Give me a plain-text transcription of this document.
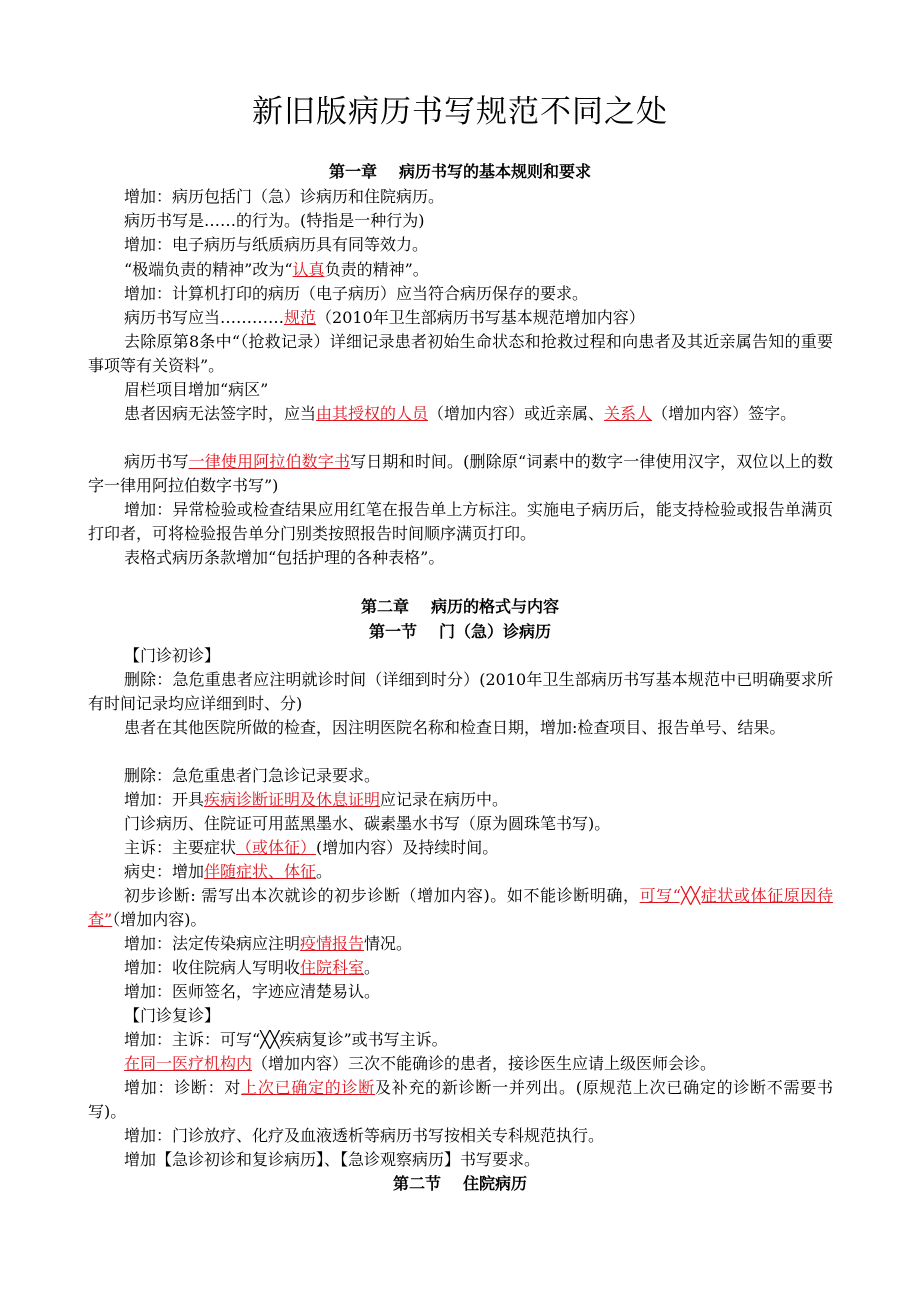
新旧版病历书写规范不同之处
第一章 病历书写的基本规则和要求
增加：病历包括门（急）诊病历和住院病历。
病历书写是……的行为。(特指是一种行为)
增加：电子病历与纸质病历具有同等效力。
“极端负责的精神”改为“认真负责的精神”。
增加：计算机打印的病历（电子病历）应当符合病历保存的要求。
病历书写应当…………规范（2010年卫生部病历书写基本规范增加内容）
去除原第8条中“（抢救记录）详细记录患者初始生命状态和抢救过程和向患者及其近亲属告知的重要事项等有关资料”。
眉栏项目增加“病区”
患者因病无法签字时，应当由其授权的人员（增加内容）或近亲属、关系人（增加内容）签字。
病历书写一律使用阿拉伯数字书写日期和时间。(删除原“词素中的数字一律使用汉字，双位以上的数字一律用阿拉伯数字书写”)
增加：异常检验或检查结果应用红笔在报告单上方标注。实施电子病历后，能支持检验或报告单满页打印者，可将检验报告单分门别类按照报告时间顺序满页打印。
表格式病历条款增加“包括护理的各种表格”。
第二章 病历的格式与内容
第一节 门（急）诊病历
【门诊初诊】
删除：急危重患者应注明就诊时间（详细到时分）(2010年卫生部病历书写基本规范中已明确要求所有时间记录均应详细到时、分)
患者在其他医院所做的检查，因注明医院名称和检查日期，增加:检查项目、报告单号、结果。
删除：急危重患者门急诊记录要求。
增加：开具疾病诊断证明及休息证明应记录在病历中。
门诊病历、住院证可用蓝黑墨水、碳素墨水书写（原为圆珠笔书写)。
主诉：主要症状（或体征）(增加内容）及持续时间。
病史：增加伴随症状、体征。
初步诊断: 需写出本次就诊的初步诊断（增加内容)。如不能诊断明确，可写“╳╳症状或体征原因待查”（增加内容)。
增加：法定传染病应注明疫情报告情况。
增加：收住院病人写明收住院科室。
增加：医师签名，字迹应清楚易认。
【门诊复诊】
增加：主诉：可写“╳╳疾病复诊”或书写主诉。
在同一医疗机构内（增加内容）三次不能确诊的患者，接诊医生应请上级医师会诊。
增加：诊断：对上次已确定的诊断及补充的新诊断一并列出。(原规范上次已确定的诊断不需要书写)。
增加：门诊放疗、化疗及血液透析等病历书写按相关专科规范执行。
增加【急诊初诊和复诊病历】、【急诊观察病历】书写要求。
第二节 住院病历
